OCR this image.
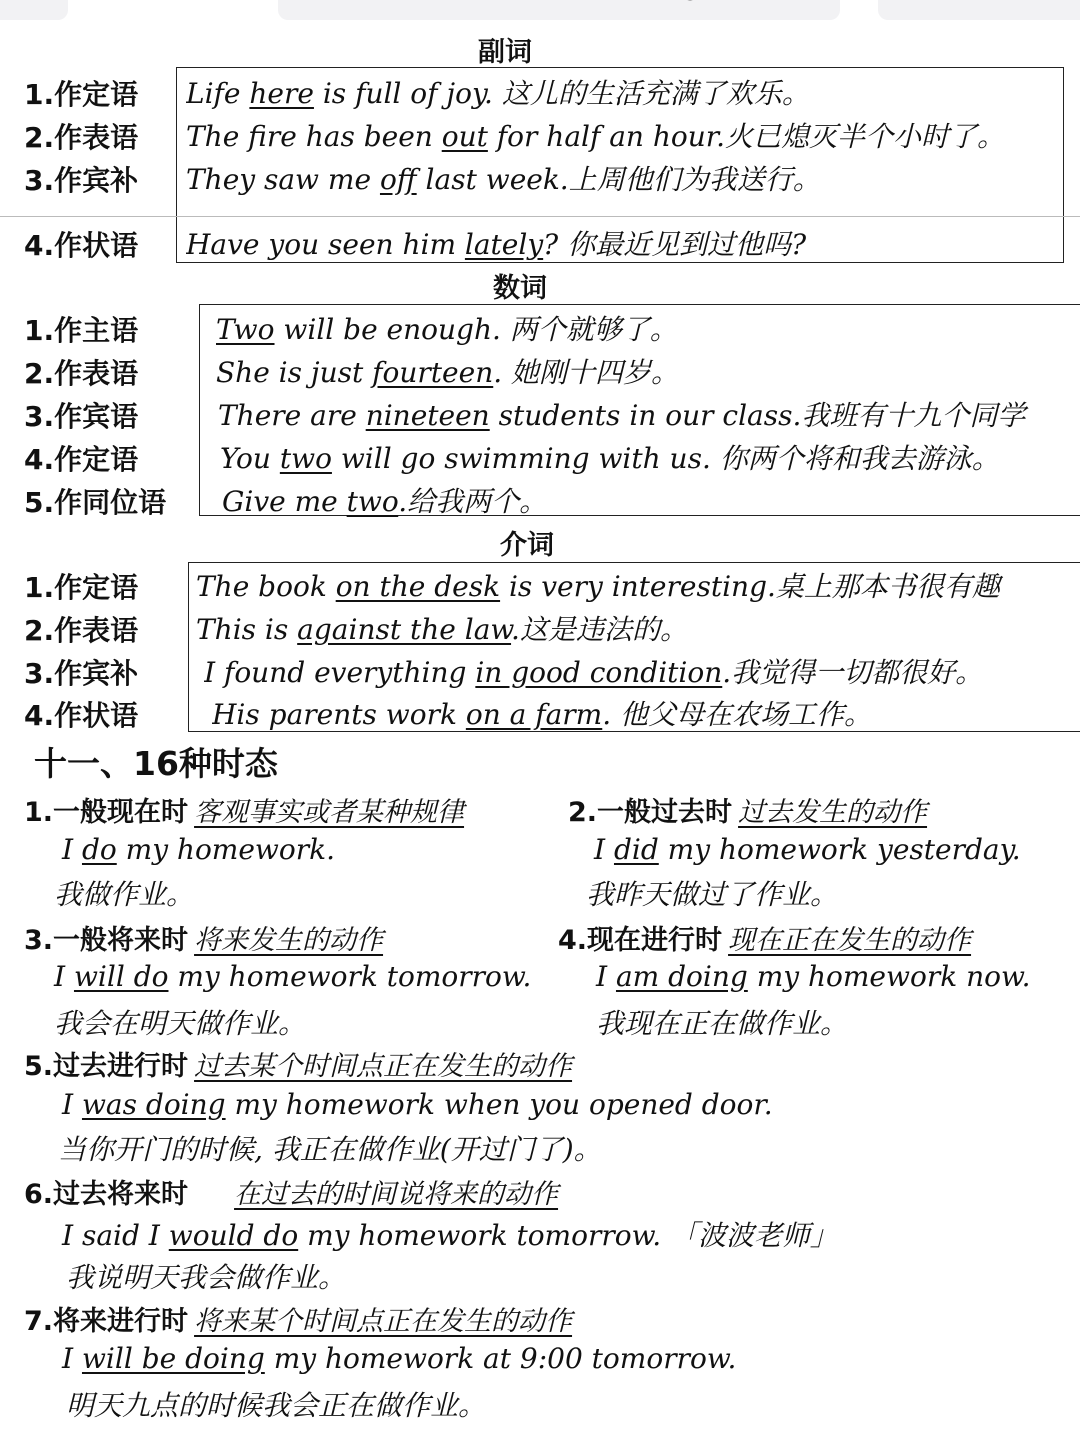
副词
1.作定语 Life here is full of joy. 这儿的生活充满了欢乐。
2.作表语 The fire has been out for half an hour.火已熄灭半个小时了。
3.作宾补 They saw me off last week.上周他们为我送行。
4.作状语 Have you seen him lately? 你最近见到过他吗?
数词
1.作主语	Two will be enough. 两个就够了。
2.作表语	She is just fourteen. 她刚十四岁。
3.作宾语	There are nineteen students in our class.我班有十九个同学
4.作定语	You two will go swimming with us. 你两个将和我去游泳。
5.作同位语 Give me two.给我两个。
介词
1.作定语 The book on the desk is very interesting.桌上那本书很有趣
2.作表语 This is against the law.这是违法的。
3.作宾补 I found everything in good condition.我觉得一切都很好。
4.作状语	His parents work on a farm. 他父母在农场工作。
十一、16种时态
1.一般现在时 客观事实或者某种规律
I do my homework.
我做作业。
2.一般过去时 过去发生的动作
I did my homework yesterday.
我昨天做过了作业。
3.一般将来时 将来发生的动作
I will do my homework tomorrow.
我会在明天做作业。
4.现在进行时 现在正在发生的动作
I am doing my homework now.
我现在正在做作业。
5.过去进行时 过去某个时间点正在发生的动作
I was doing my homework when you opened door.
当你开门的时候, 我正在做作业(开过门了)。
6.过去将来时 在过去的时间说将来的动作
I said I would do my homework tomorrow. 「波波老师」
我说明天我会做作业。
7.将来进行时 将来某个时间点正在发生的动作
I will be doing my homework at 9:00 tomorrow.
明天九点的时候我会正在做作业。
